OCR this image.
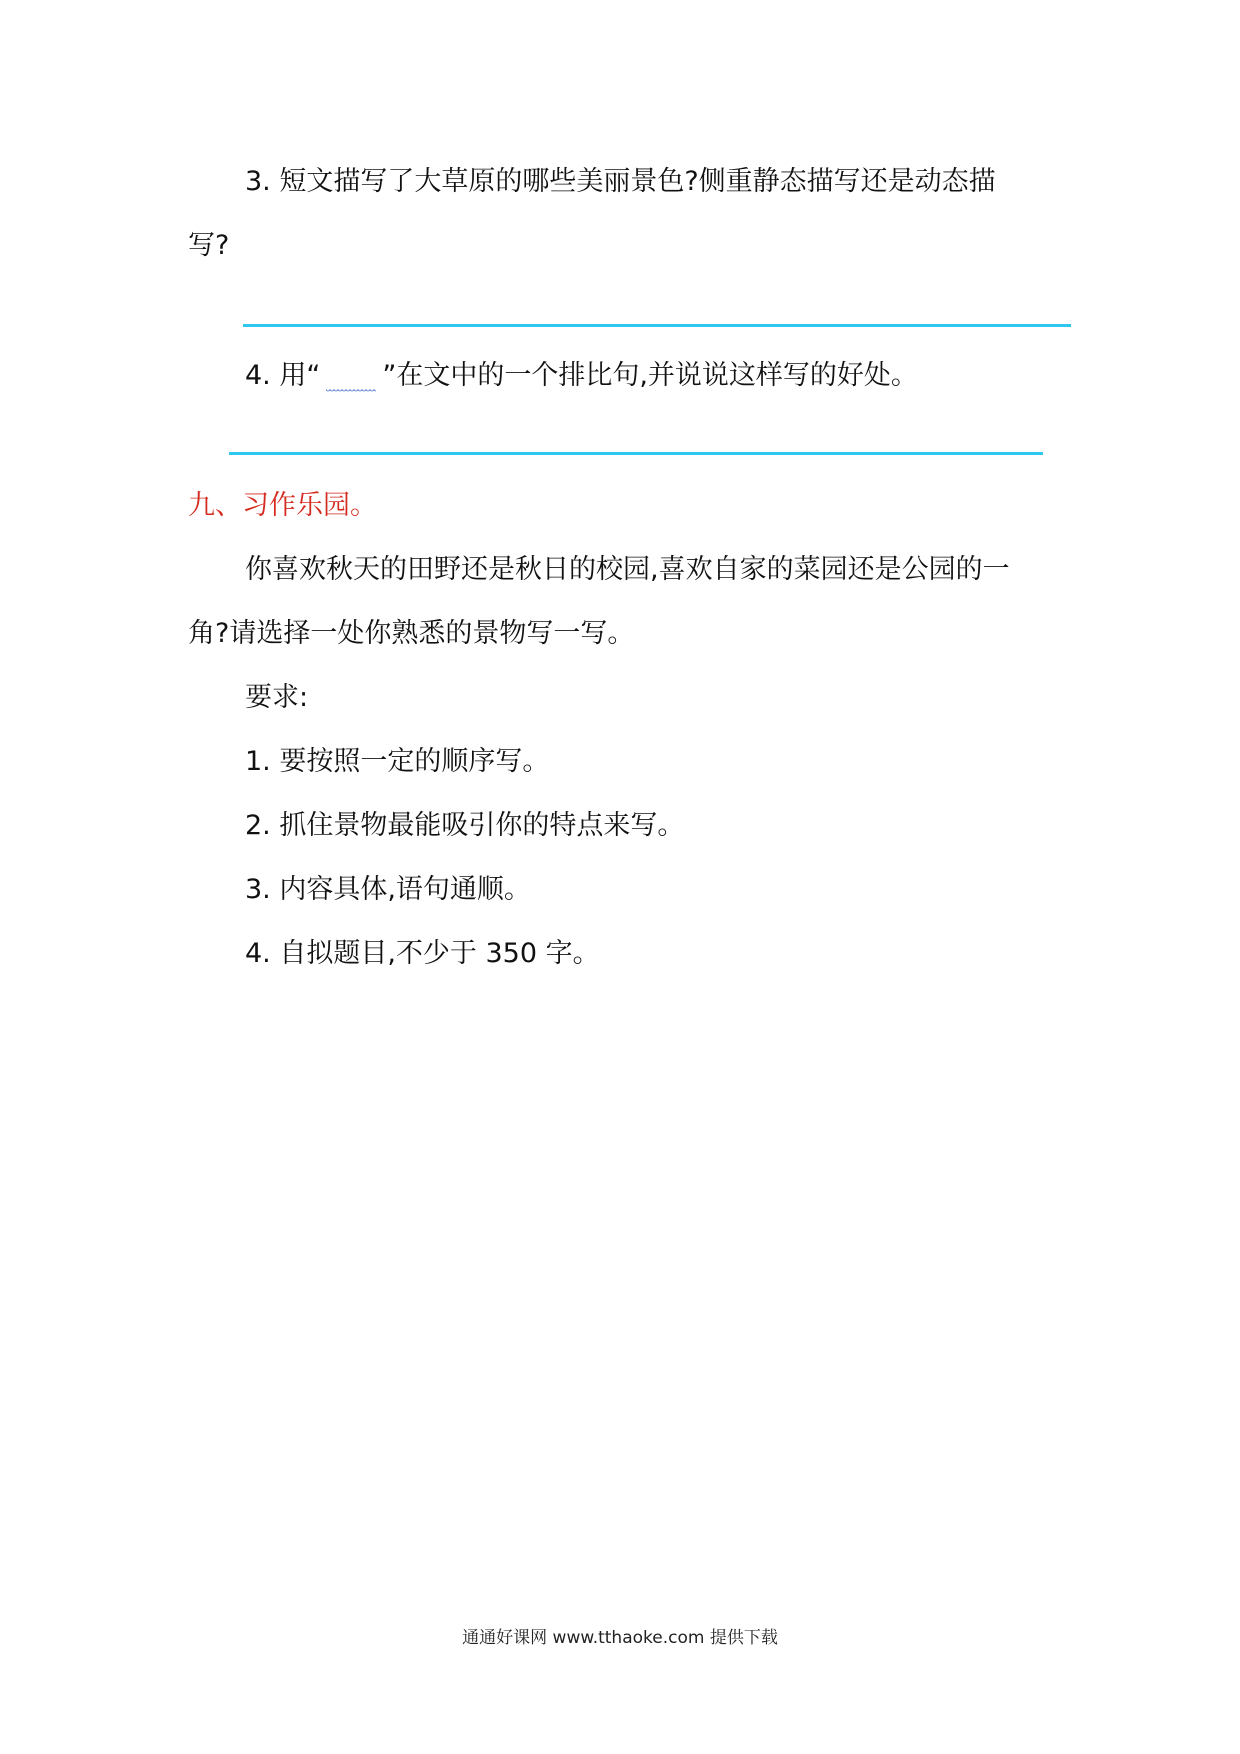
3. 短文描写了大草原的哪些美丽景色?侧重静态描写还是动态描
写?
4. 用“ ”在文中的一个排比句,并说说这样写的好处。
九、习作乐园。
你喜欢秋天的田野还是秋日的校园,喜欢自家的菜园还是公园的一
角?请选择一处你熟悉的景物写一写。
要求:
1. 要按照一定的顺序写。
2. 抓住景物最能吸引你的特点来写。
3. 内容具体,语句通顺。
4. 自拟题目,不少于 350 字。
通通好课网 www.tthaoke.com 提供下载
